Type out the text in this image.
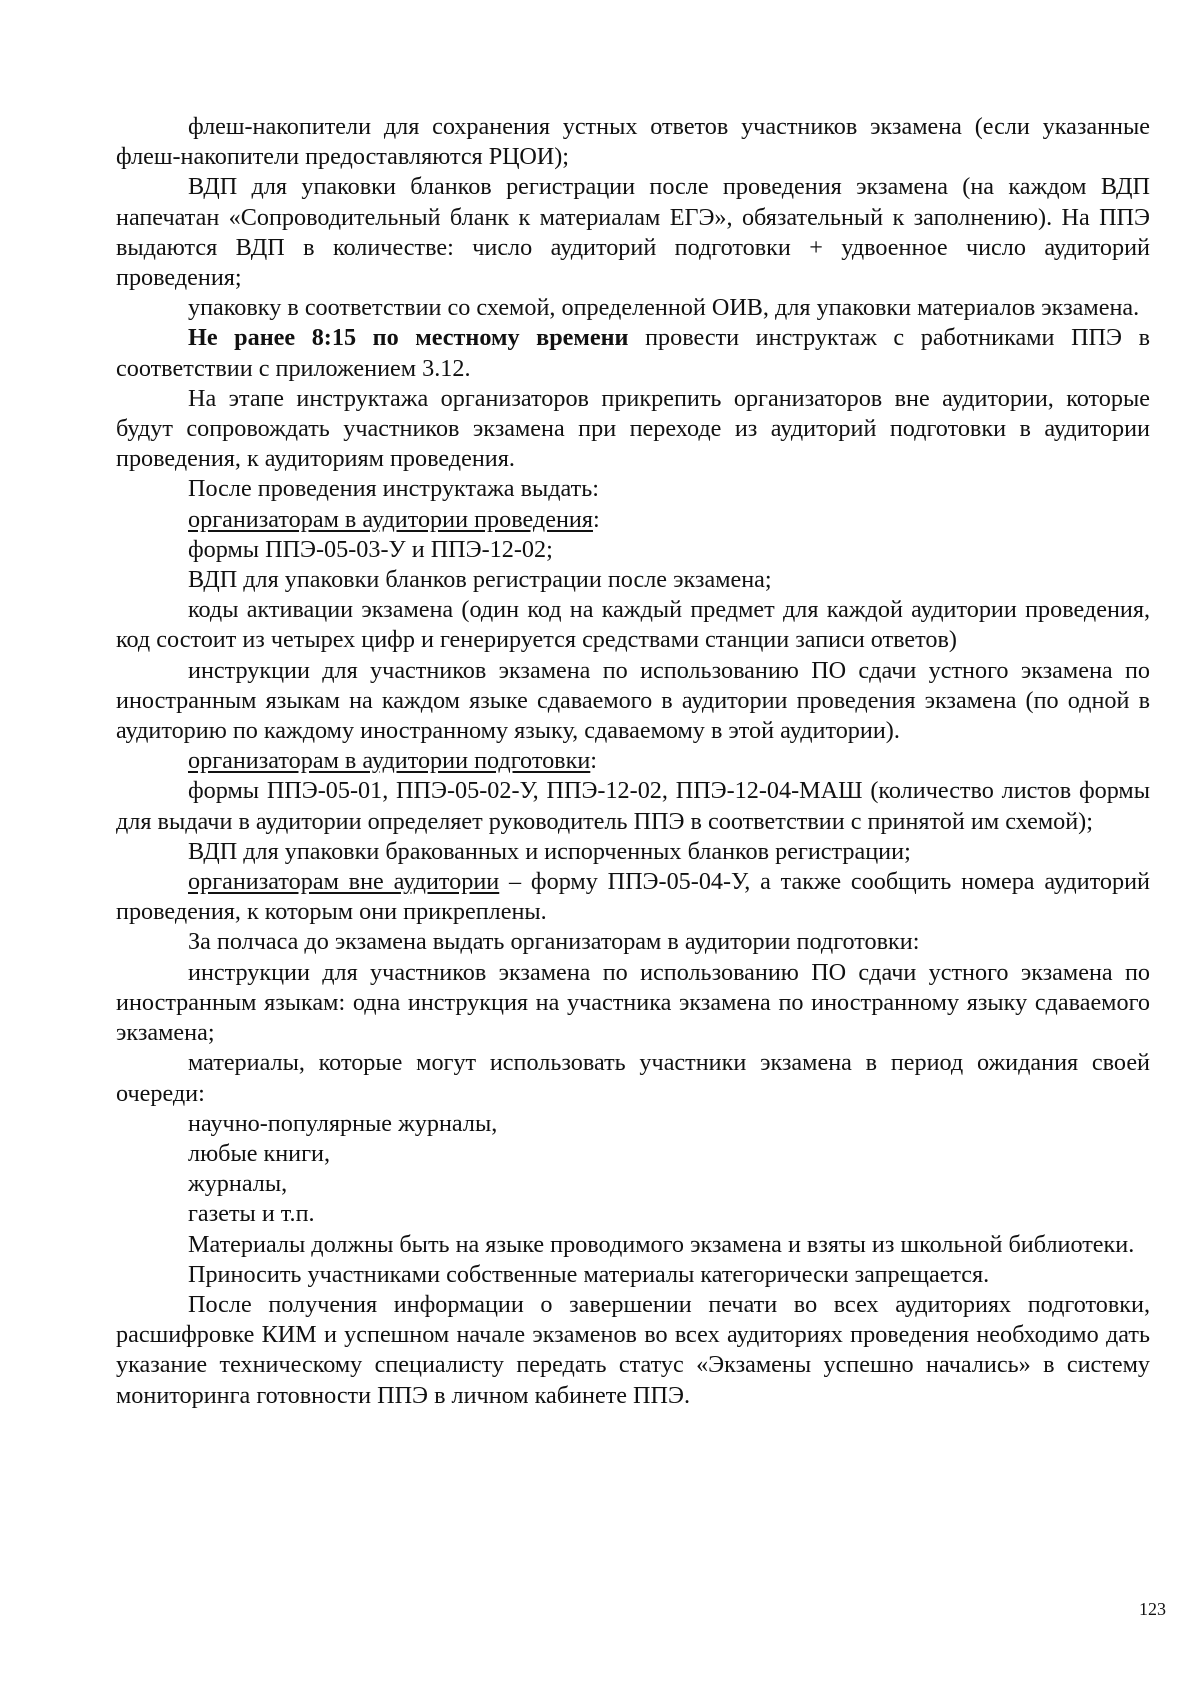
флеш-накопители для сохранения устных ответов участников экзамена (если указанные флеш-накопители предоставляются РЦОИ);

ВДП для упаковки бланков регистрации после проведения экзамена (на каждом ВДП напечатан «Сопроводительный бланк к материалам ЕГЭ», обязательный к заполнению). На ППЭ выдаются ВДП в количестве: число аудиторий подготовки + удвоенное число аудиторий проведения;

упаковку в соответствии со схемой, определенной ОИВ, для упаковки материалов экзамена.

Не ранее 8:15 по местному времени провести инструктаж с работниками ППЭ в соответствии с приложением 3.12.

На этапе инструктажа организаторов прикрепить организаторов вне аудитории, которые будут сопровождать участников экзамена при переходе из аудиторий подготовки в аудитории проведения, к аудиториям проведения.

После проведения инструктажа выдать:

организаторам в аудитории проведения:

формы ППЭ-05-03-У и ППЭ-12-02;

ВДП для упаковки бланков регистрации после экзамена;

коды активации экзамена (один код на каждый предмет для каждой аудитории проведения, код состоит из четырех цифр и генерируется средствами станции записи ответов)

инструкции для участников экзамена по использованию ПО сдачи устного экзамена по иностранным языкам на каждом языке сдаваемого в аудитории проведения экзамена (по одной в аудиторию по каждому иностранному языку, сдаваемому в этой аудитории).

организаторам в аудитории подготовки:

формы ППЭ-05-01, ППЭ-05-02-У, ППЭ-12-02, ППЭ-12-04-МАШ (количество листов формы для выдачи в аудитории определяет руководитель ППЭ в соответствии с принятой им схемой);

ВДП для упаковки бракованных и испорченных бланков регистрации;

организаторам вне аудитории – форму ППЭ-05-04-У, а также сообщить номера аудиторий проведения, к которым они прикреплены.

За полчаса до экзамена выдать организаторам в аудитории подготовки:

инструкции для участников экзамена по использованию ПО сдачи устного экзамена по иностранным языкам: одна инструкция на участника экзамена по иностранному языку сдаваемого экзамена;

материалы, которые могут использовать участники экзамена в период ожидания своей очереди:

научно-популярные журналы,

любые книги,

журналы,

газеты и т.п.

Материалы должны быть на языке проводимого экзамена и взяты из школьной библиотеки.

Приносить участниками собственные материалы категорически запрещается.

После получения информации о завершении печати во всех аудиториях подготовки, расшифровке КИМ и успешном начале экзаменов во всех аудиториях проведения необходимо дать указание техническому специалисту передать статус «Экзамены успешно начались» в систему мониторинга готовности ППЭ в личном кабинете ППЭ.

123
